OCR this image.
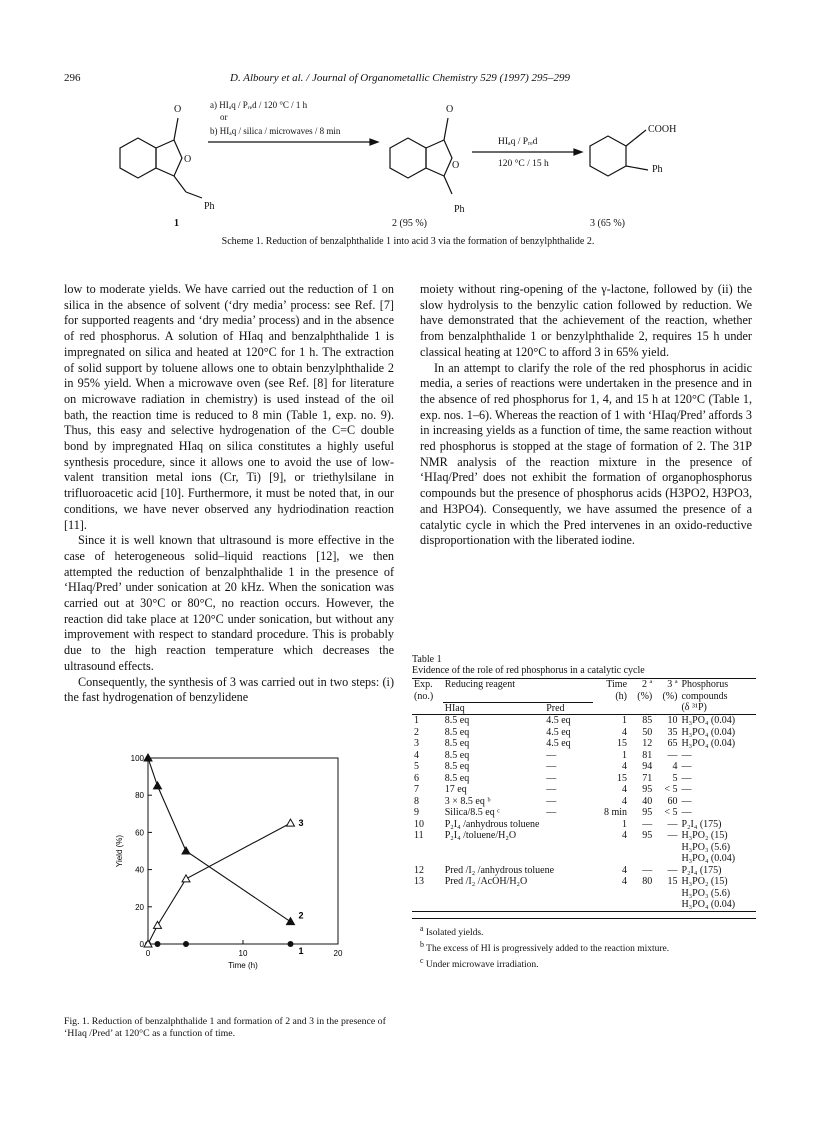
296	D. Alboury et al. / Journal of Organometallic Chemistry 529 (1997) 295–299
O
O
Ph
O
O
Ph
COOH
Ph
a) HIₐq / Pᵣₑd / 120 °C / 1 h
or
b) HIₐq / silica / microwaves / 8 min
HIₐq / Pᵣₑd
120 °C / 15 h
1	2 (95 %)	3 (65 %)
Scheme 1. Reduction of benzalphthalide 1 into acid 3 via the formation of benzylphthalide 2.

low to moderate yields. We have carried out the reduction of 1 on silica in the absence of solvent (‘dry media’ process: see Ref. [7] for supported reagents and ‘dry media’ process) and in the absence of red phosphorus. A solution of HIaq and benzalphthalide 1 is impregnated on silica and heated at 120°C for 1 h. The extraction of solid support by toluene allows one to obtain benzylphthalide 2 in 95% yield. When a microwave oven (see Ref. [8] for literature on microwave radiation in chemistry) is used instead of the oil bath, the reaction time is reduced to 8 min (Table 1, exp. no. 9). Thus, this easy and selective hydrogenation of the C=C double bond by impregnated HIaq on silica constitutes a highly useful synthesis procedure, since it allows one to avoid the use of low-valent transition metal ions (Cr, Ti) [9], or triethylsilane in trifluoroacetic acid [10]. Furthermore, it must be noted that, in our conditions, we have never observed any hydriodination reaction [11].

Since it is well known that ultrasound is more effective in the case of heterogeneous solid–liquid reactions [12], we then attempted the reduction of benzalphthalide 1 in the presence of ‘HIaq/Pred’ under sonication at 20 kHz. When the sonication was carried out at 30°C or 80°C, no reaction occurs. However, the reaction did take place at 120°C under sonication, but without any improvement with respect to standard procedure. This is probably due to the high reaction temperature which decreases the ultrasound effects.

Consequently, the synthesis of 3 was carried out in two steps: (i) the fast hydrogenation of benzylidene

moiety without ring-opening of the γ-lactone, followed by (ii) the slow hydrolysis to the benzylic cation followed by reduction. We have demonstrated that the achievement of the reaction, whether from benzalphthalide 1 or benzylphthalide 2, requires 15 h under classical heating at 120°C to afford 3 in 65% yield.

In an attempt to clarify the role of the red phosphorus in acidic media, a series of reactions were undertaken in the presence and in the absence of red phosphorus for 1, 4, and 15 h at 120°C (Table 1, exp. nos. 1–6). Whereas the reaction of 1 with ‘HIaq/Pred’ affords 3 in increasing yields as a function of time, the same reaction without red phosphorus is stopped at the stage of formation of 2. The 31P NMR analysis of the reaction mixture in the presence of ‘HIaq/Pred’ does not exhibit the formation of organophosphorus compounds but the presence of phosphorus acids (H3PO2, H3PO3, and H3PO4). Consequently, we have assumed the presence of a catalytic cycle in which the Pred intervenes in an oxido-reductive disproportionation with the liberated iodine.

0
20
40
60
80
100
0	10	20
Time (h)
Yield (%)
1
2
3
Fig. 1. Reduction of benzalphthalide 1 and formation of 2 and 3 in the presence of ‘HIaq /Pred’ at 120°C as a function of time.
Table 1
Evidence of the role of red phosphorus in a catalytic cycle
Exp.	Reducing reagent		Time	2 ª	3 ª	Phosphorus
(no.)			(h)	(%)	(%)	compounds
	HIaq	Pred				(δ ³¹P)
1	8.5 eq	4.5 eq	1	85	10	H₃PO₄ (0.04)
2	8.5 eq	4.5 eq	4	50	35	H₃PO₄ (0.04)
3	8.5 eq	4.5 eq	15	12	65	H₃PO₄ (0.04)
4	8.5 eq	—	1	81	—	—
5	8.5 eq	—	4	94	4	—
6	8.5 eq	—	15	71	5	—
7	17 eq	—	4	95	< 5	—
8	3 × 8.5 eq ᵇ	—	4	40	60	—
9	Silica/8.5 eq ᶜ	—	8 min	95	< 5	—
10	P₂I₄ /anhydrous toluene		1	—	—	P₂I₄ (175)

11	P₂I₄ /toluene/H₂O		4	95	—	H₃PO₂ (15)
H₃PO₃ (5.6)
H₃PO₄ (0.04)

12	Pred /I₂ /anhydrous toluene		4	—	—	P₂I₄ (175)

13	Pred /I₂ /AcOH/H₂O		4	80	15	H₃PO₂ (15)
H₃PO₃ (5.6)
H₃PO₄ (0.04)
$^a$ Isolated yields.
$^b$ The excess of HI is progressively added to the reaction mixture.
$^c$ Under microwave irradiation.
